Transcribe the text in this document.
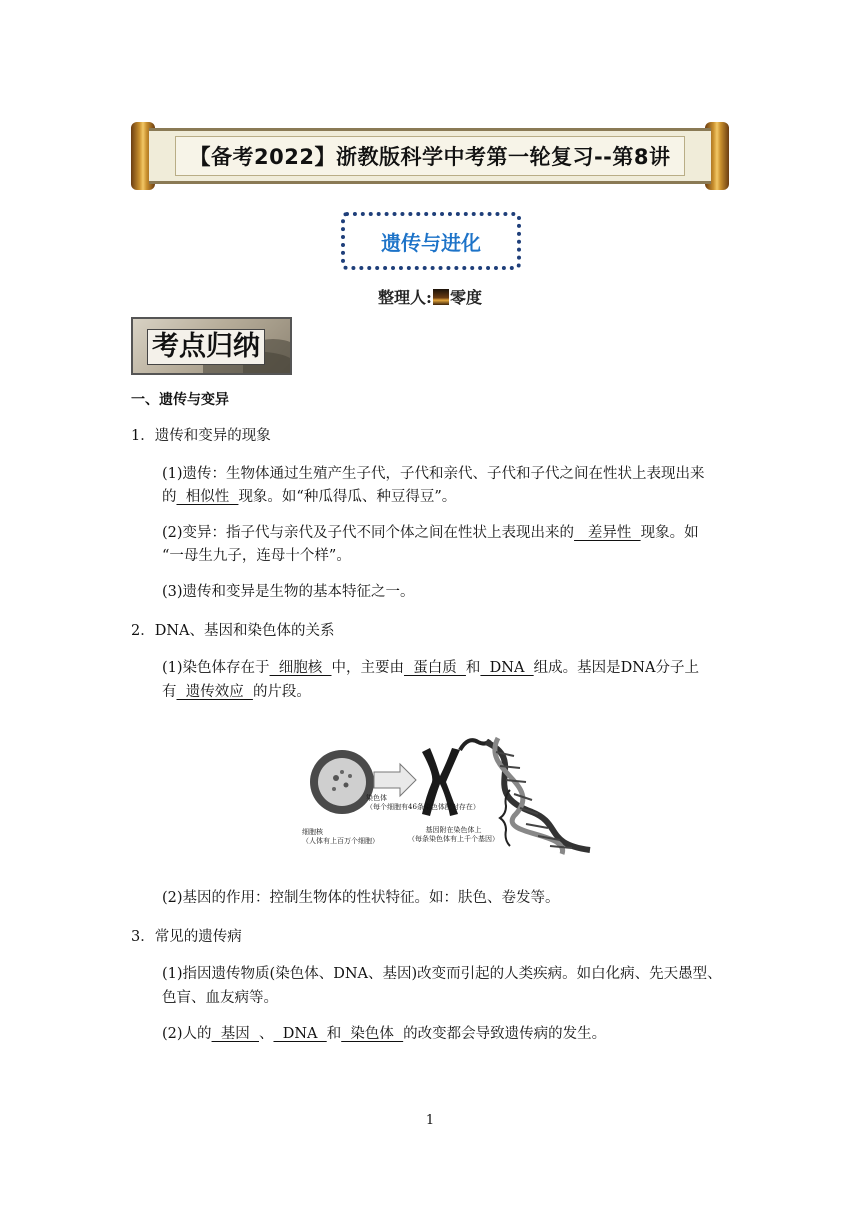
【备考2022】浙教版科学中考第一轮复习--第8讲
遗传与进化
整理人: 零度
考点归纳
一、遗传与变异
1．遗传和变异的现象
(1)遗传：生物体通过生殖产生子代，子代和亲代、子代和子代之间在性状上表现出来
的  相似性  现象。如“种瓜得瓜、种豆得豆”。
(2)变异：指子代与亲代及子代不同个体之间在性状上表现出来的   差异性  现象。如
“一母生九子，连母十个样”。
(3)遗传和变异是生物的基本特征之一。
2．DNA、基因和染色体的关系
(1)染色体存在于  细胞核  中，主要由  蛋白质  和  DNA  组成。基因是DNA分子上
有  遗传效应  的片段。
染色体
（每个细胞有46条染色体配对存在）
细胞核
（人体有上百万个细胞）
基因附在染色体上
（每条染色体有上千个基因）
(2)基因的作用：控制生物体的性状特征。如：肤色、卷发等。
3．常见的遗传病
(1)指因遗传物质(染色体、DNA、基因)改变而引起的人类疾病。如白化病、先天愚型、
色盲、血友病等。
(2)人的  基因  、  DNA  和  染色体  的改变都会导致遗传病的发生。
1
